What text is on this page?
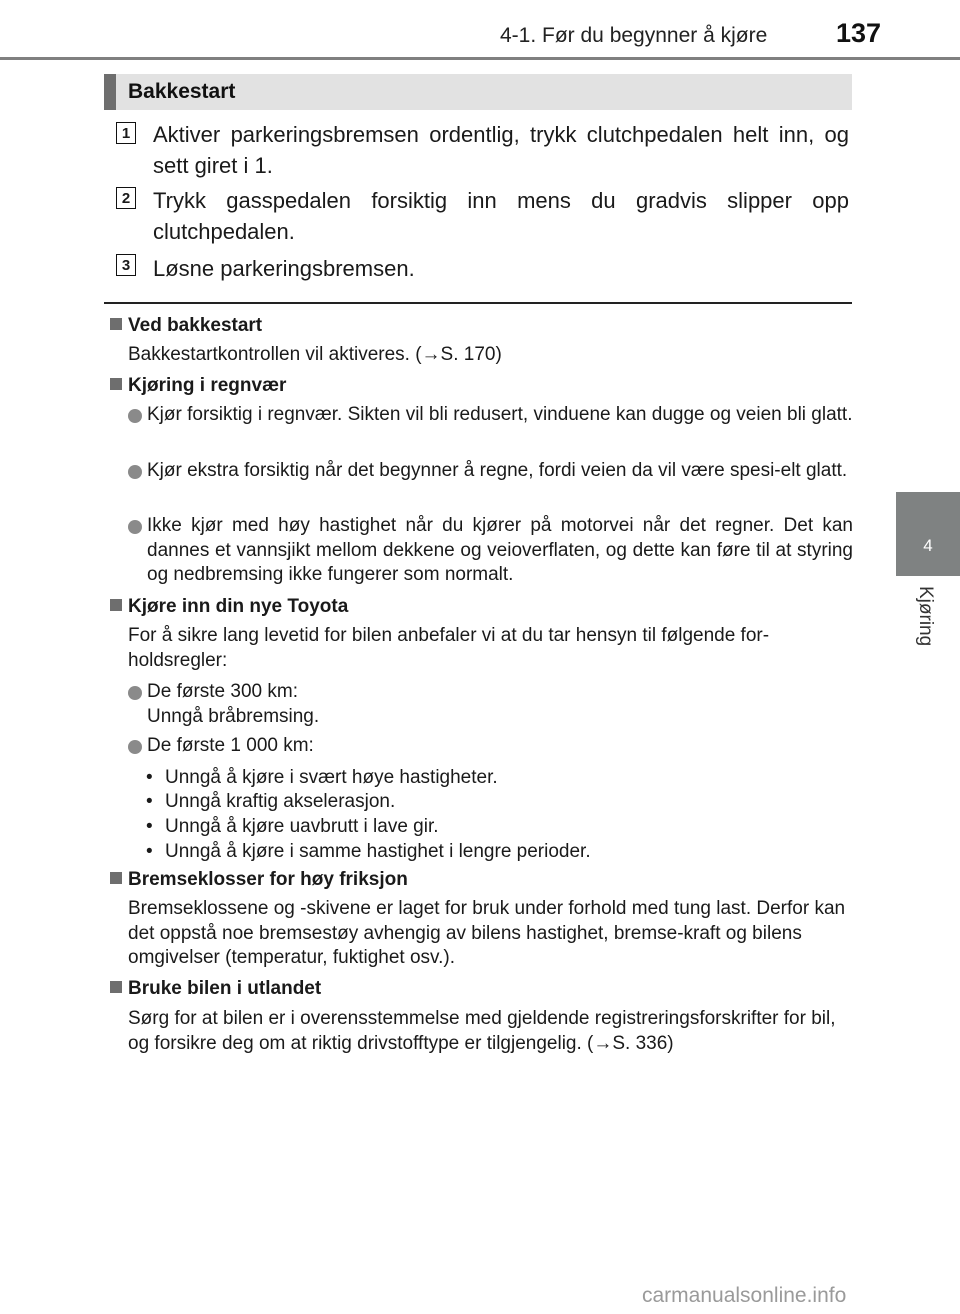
4-1. Før du begynner å kjøre	137
4
Kjøring
Bakkestart
1 Aktiver parkeringsbremsen ordentlig, trykk clutchpedalen helt inn, og sett giret i 1.
2 Trykk gasspedalen forsiktig inn mens du gradvis slipper opp clutchpedalen.
3 Løsne parkeringsbremsen.
Ved bakkestart
Bakkestartkontrollen vil aktiveres. (→S. 170)
Kjøring i regnvær
Kjør forsiktig i regnvær. Sikten vil bli redusert, vinduene kan dugge og veien bli glatt.
Kjør ekstra forsiktig når det begynner å regne, fordi veien da vil være spesi-elt glatt.
Ikke kjør med høy hastighet når du kjører på motorvei når det regner. Det kan dannes et vannsjikt mellom dekkene og veioverflaten, og dette kan føre til at styring og nedbremsing ikke fungerer som normalt.
Kjøre inn din nye Toyota
For å sikre lang levetid for bilen anbefaler vi at du tar hensyn til følgende for-holdsregler:
De første 300 km: Unngå bråbremsing.
De første 1 000 km:
• Unngå å kjøre i svært høye hastigheter.
• Unngå kraftig akselerasjon.
• Unngå å kjøre uavbrutt i lave gir.
• Unngå å kjøre i samme hastighet i lengre perioder.
Bremseklosser for høy friksjon
Bremseklossene og -skivene er laget for bruk under forhold med tung last. Derfor kan det oppstå noe bremsestøy avhengig av bilens hastighet, bremse-kraft og bilens omgivelser (temperatur, fuktighet osv.).
Bruke bilen i utlandet
Sørg for at bilen er i overensstemmelse med gjeldende registreringsforskrifter for bil, og forsikre deg om at riktig drivstofftype er tilgjengelig. (→S. 336)
carmanualsonline.info
